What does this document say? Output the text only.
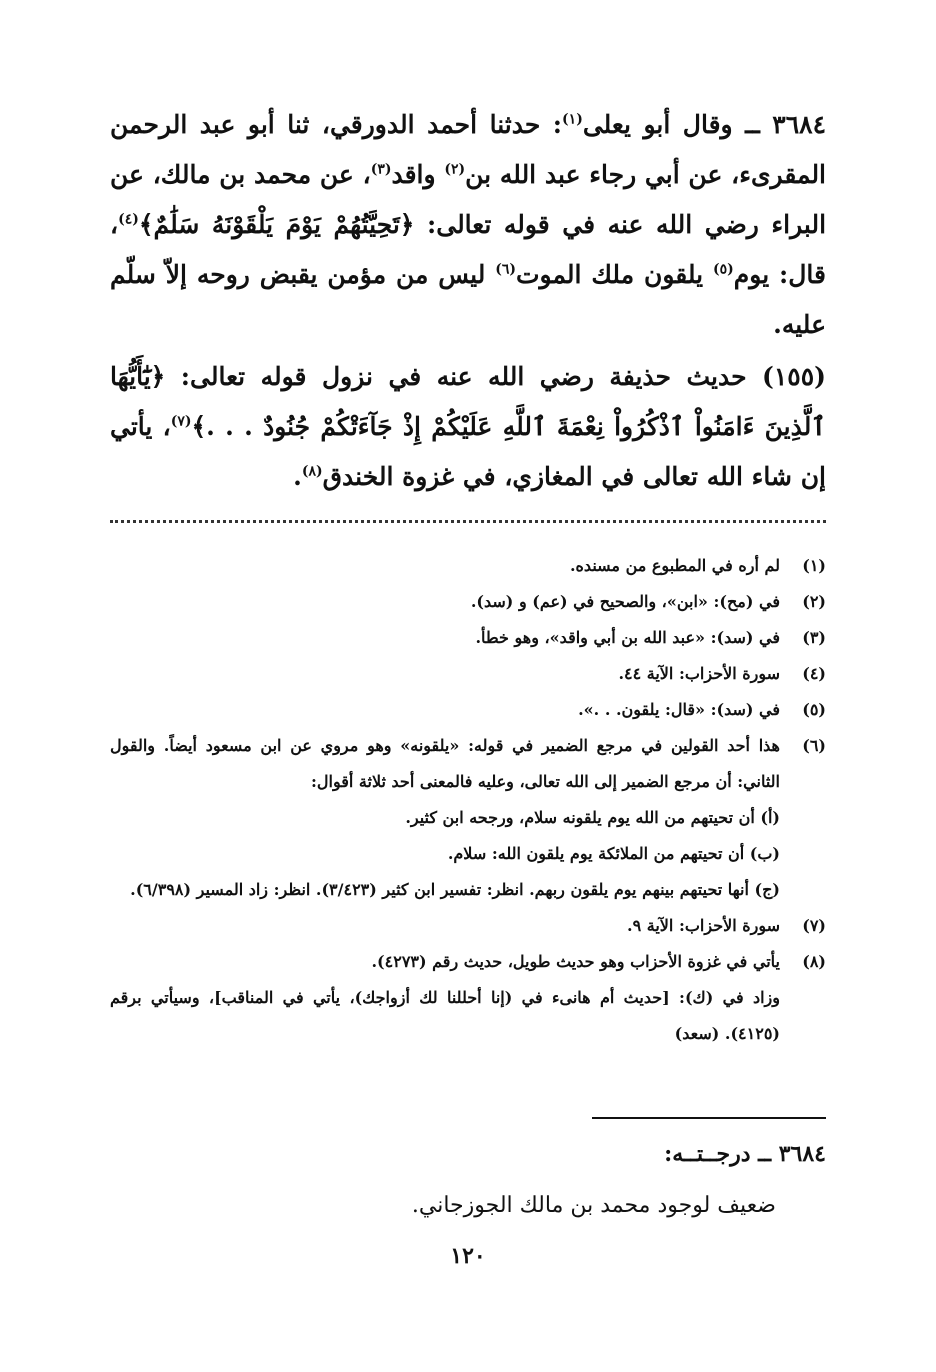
٣٦٨٤ ــ وقال أبو يعلى$^{(١)}$: حدثنا أحمد الدورقي، ثنا أبو عبد الرحمن المقرىء، عن أبي رجاء عبد الله بن$^{(٢)}$ واقد$^{(٣)}$، عن محمد بن مالك، عن البراء رضي الله عنه في قوله تعالى: ﴿تَحِيَّتُهُمْ يَوْمَ يَلْقَوْنَهُ سَلَٰمٌ﴾$^{(٤)}$، قال: يوم$^{(٥)}$ يلقون ملك الموت$^{(٦)}$ ليس من مؤمن يقبض روحه إلاّ سلّم عليه.

(١٥٥) حديث حذيفة رضي الله عنه في نزول قوله تعالى: ﴿يَٰٓأَيُّهَا ٱلَّذِينَ ءَامَنُواْ ٱذْكُرُواْ نِعْمَةَ ٱللَّهِ عَلَيْكُمْ إِذْ جَآءَتْكُمْ جُنُودٌ . . .﴾$^{(٧)}$، يأتي إن شاء الله تعالى في المغازي، في غزوة الخندق$^{(٨)}$.

(١)
لم أره في المطبوع من مسنده.
(٢)
في (مح): «ابن»، والصحيح في (عم) و (سد).
(٣)
في (سد): «عبد الله بن أبي واقد»، وهو خطأ.
(٤)
سورة الأحزاب: الآية ٤٤.
(٥)
في (سد): «قال: يلقون. . .».
(٦)
هذا أحد القولين في مرجع الضمير في قوله: «يلقونه» وهو مروي عن ابن مسعود أيضاً. والقول الثاني: أن مرجع الضمير إلى الله تعالى، وعليه فالمعنى أحد ثلاثة أقوال:
(أ) أن تحيتهم من الله يوم يلقونه سلام، ورجحه ابن كثير.
(ب) أن تحيتهم من الملائكة يوم يلقون الله: سلام.
(ج) أنها تحيتهم بينهم يوم يلقون ربهم. انظر: تفسير ابن كثير (٣/٤٢٣). انظر: زاد المسير (٦/٣٩٨).
(٧)
سورة الأحزاب: الآية ٩.
(٨)
يأتي في غزوة الأحزاب وهو حديث طويل، حديث رقم (٤٢٧٣).
وزاد في (ك): [حديث أم هانىء في (إنا أحللنا لك أزواجك)، يأتي في المناقب]، وسيأتي برقم (٤١٢٥). (سعد)
٣٦٨٤ ــ درجــتــه:
ضعيف لوجود محمد بن مالك الجوزجاني.
١٢٠
